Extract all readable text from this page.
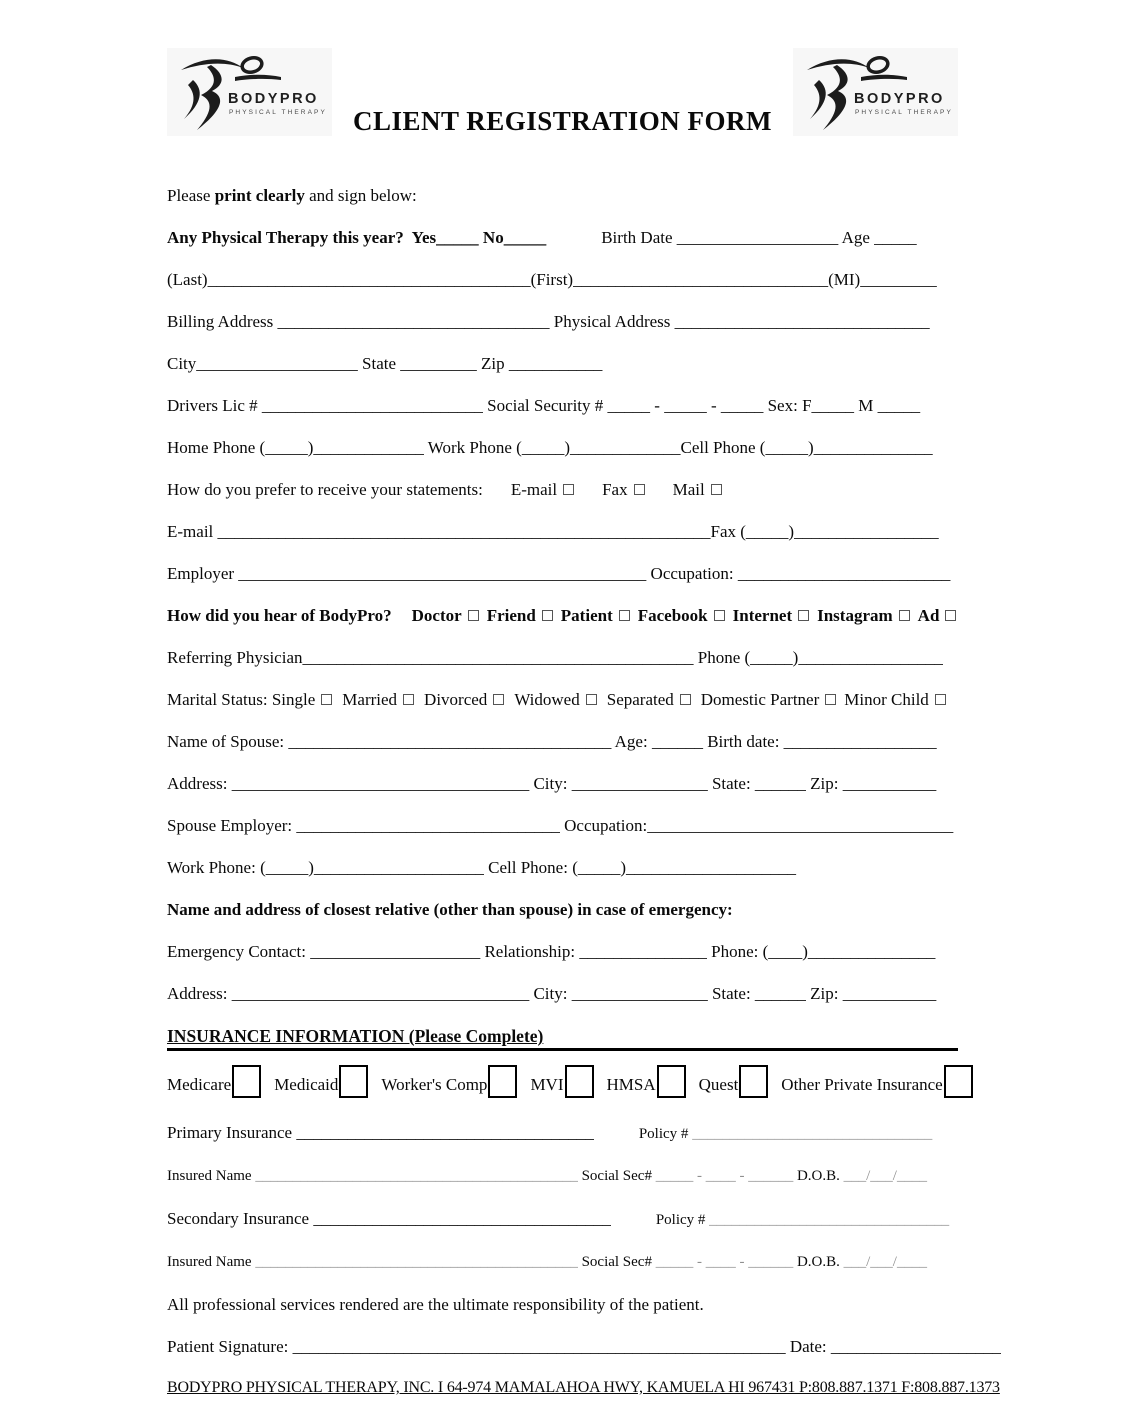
BODYPRO
PHYSICAL THERAPY CLIENT REGISTRATION FORM
BODYPRO
PHYSICAL THERAPY
Please print clearly and sign below:
Any Physical Therapy this year?  Yes_____ No_____	Birth Date ___________________ Age _____
(Last)______________________________________(First)______________________________(MI)_________
Billing Address ________________________________ Physical Address ______________________________
City___________________ State _________ Zip ___________
Drivers Lic # __________________________ Social Security # _____ - _____ - _____ Sex: F_____ M _____
Home Phone (_____)_____________ Work Phone (_____)_____________Cell Phone (_____)______________
How do you prefer to receive your statements: E-mail	Fax	Mail
E-mail __________________________________________________________Fax (_____)_________________
Employer ________________________________________________ Occupation: _________________________
How did you hear of BodyPro? Doctor Friend Patient Facebook Internet Instagram Ad
Referring Physician______________________________________________ Phone (_____)_________________
Marital Status: Single Married Divorced Widowed Separated Domestic Partner Minor Child
Name of Spouse: ______________________________________ Age: ______ Birth date: __________________
Address: ___________________________________ City: ________________ State: ______ Zip: ___________
Spouse Employer: _______________________________ Occupation:____________________________________
Work Phone: (_____)____________________ Cell Phone: (_____)____________________
Name and address of closest relative (other than spouse) in case of emergency:
Emergency Contact: ____________________ Relationship: _______________ Phone: (____)_______________
Address: ___________________________________ City: ________________ State: ______ Zip: ___________
INSURANCE INFORMATION (Please Complete)
Medicare	Medicaid	Worker's Comp	MVI	HMSA	Quest	Other Private Insurance
Primary Insurance ___________________________________	Policy # ________________________________
Insured Name ___________________________________________ Social Sec# _____ - ____ - ______ D.O.B. ___/___/____
Secondary Insurance ___________________________________	Policy # ________________________________
Insured Name ___________________________________________ Social Sec# _____ - ____ - ______ D.O.B. ___/___/____
All professional services rendered are the ultimate responsibility of the patient.
Patient Signature: __________________________________________________________ Date: ____________________
BODYPRO PHYSICAL THERAPY, INC. I 64-974 MAMALAHOA HWY, KAMUELA HI 967431 P:808.887.1371 F:808.887.1373
